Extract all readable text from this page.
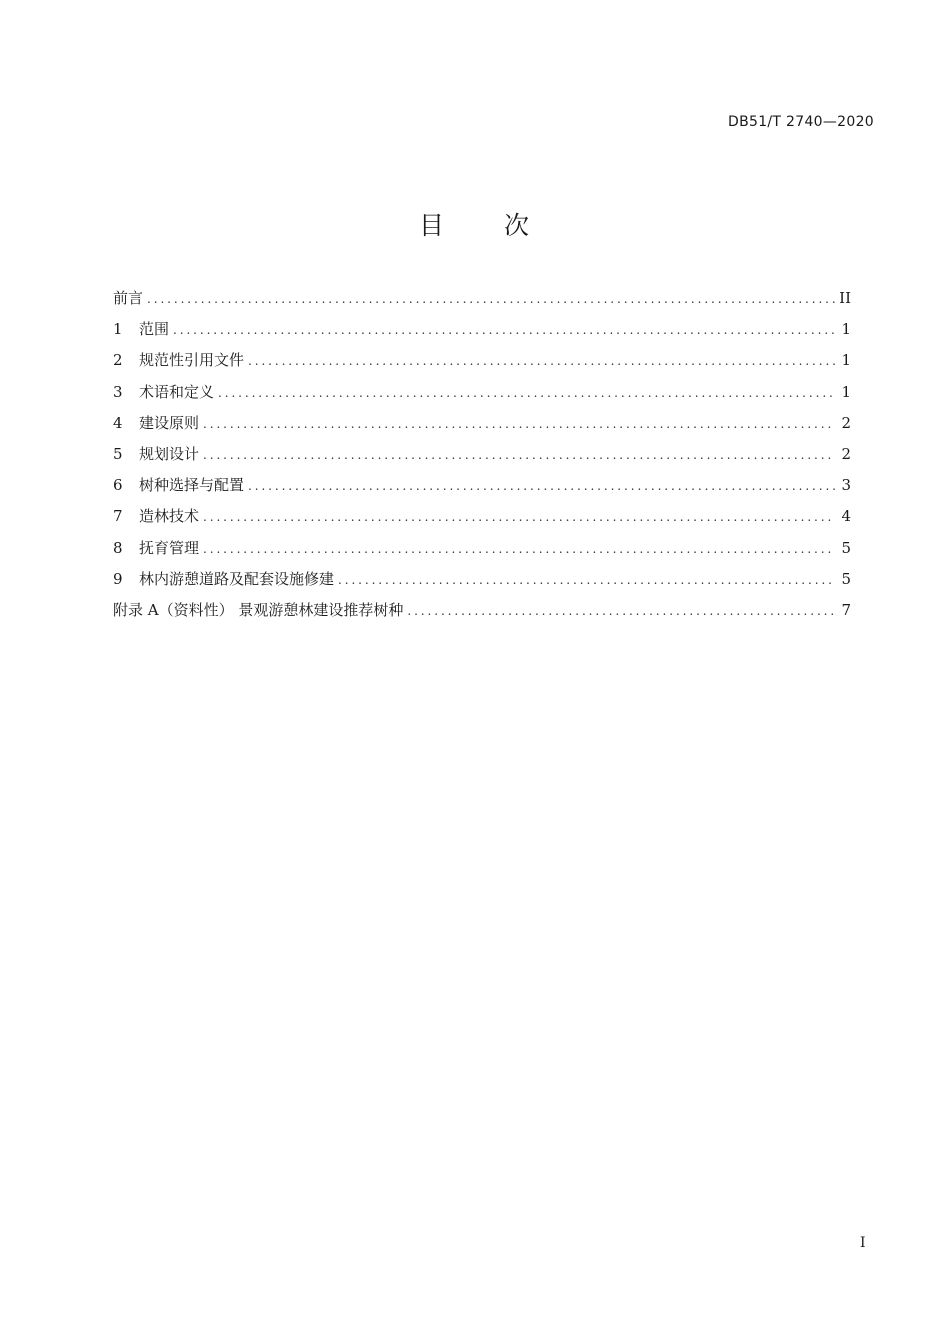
DB51/T 2740—2020
目 次
前言 .....	II
1	范围 .....	1
2	规范性引用文件 .....	1
3	术语和定义 .....	1
4	建设原则 .....	2
5	规划设计 .....	2
6	树种选择与配置 .....	3
7	造林技术 .....	4
8	抚育管理 .....	5
9	林内游憩道路及配套设施修建 .....	5
附录 A（资料性） 景观游憩林建设推荐树种 .....	7
I
